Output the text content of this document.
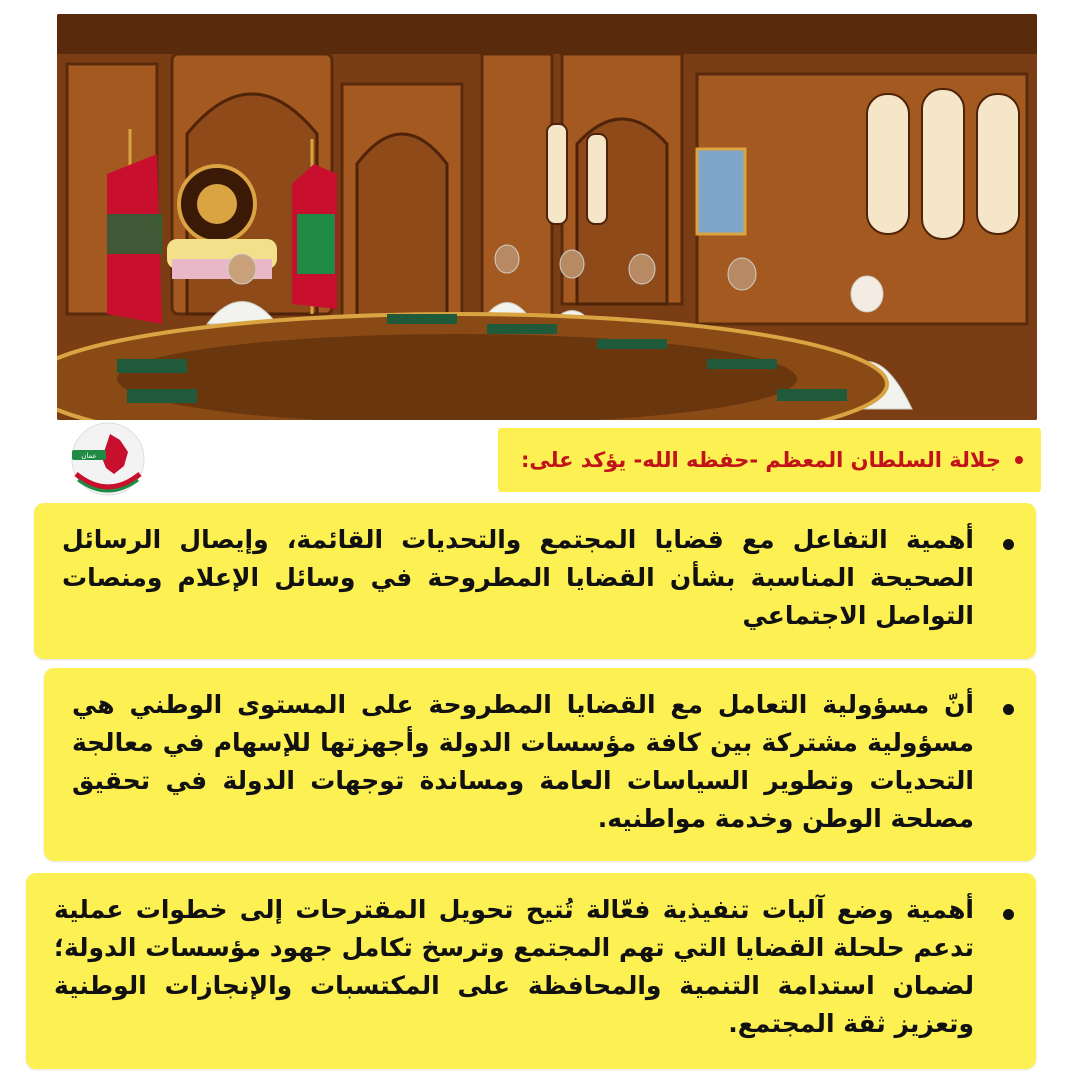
عمان	جلالة السلطان المعظم -حفظه الله- يؤكد على:
أهمية التفاعل مع قضايا المجتمع والتحديات القائمة، وإيصال الرسائل الصحيحة المناسبة بشأن القضايا المطروحة في وسائل الإعلام ومنصات التواصل الاجتماعي
أنّ مسؤولية التعامل مع القضايا المطروحة على المستوى الوطني هي مسؤولية مشتركة بين كافة مؤسسات الدولة وأجهزتها للإسهام في معالجة التحديات وتطوير السياسات العامة ومساندة توجهات الدولة في تحقيق مصلحة الوطن وخدمة مواطنيه.
أهمية وضع آليات تنفيذية فعّالة تُتيح تحويل المقترحات إلى خطوات عملية تدعم حلحلة القضايا التي تهم المجتمع وترسخ تكامل جهود مؤسسات الدولة؛ لضمان استدامة التنمية والمحافظة على المكتسبات والإنجازات الوطنية وتعزيز ثقة المجتمع.
